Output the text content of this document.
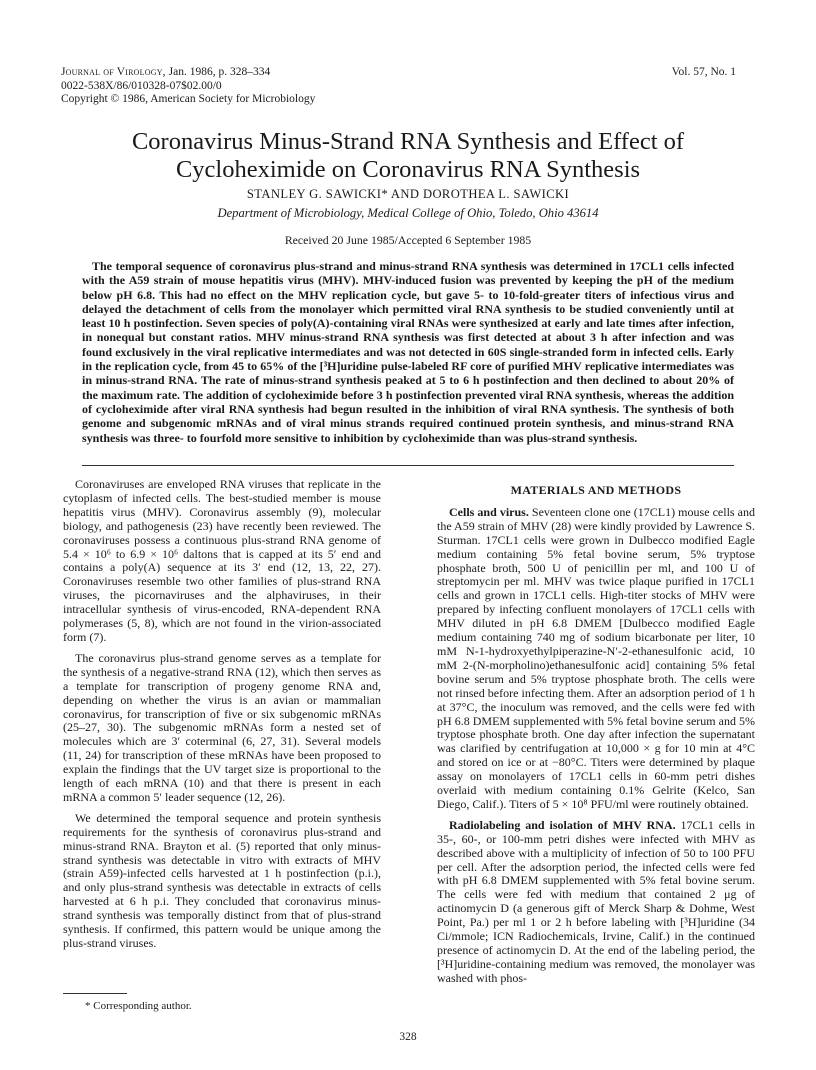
Journal of Virology, Jan. 1986, p. 328–334
0022-538X/86/010328-07$02.00/0
Copyright © 1986, American Society for Microbiology
Vol. 57, No. 1
Coronavirus Minus-Strand RNA Synthesis and Effect of
Cycloheximide on Coronavirus RNA Synthesis
STANLEY G. SAWICKI* AND DOROTHEA L. SAWICKI
Department of Microbiology, Medical College of Ohio, Toledo, Ohio 43614
Received 20 June 1985/Accepted 6 September 1985

The temporal sequence of coronavirus plus-strand and minus-strand RNA synthesis was determined in 17CL1 cells infected with the A59 strain of mouse hepatitis virus (MHV). MHV-induced fusion was prevented by keeping the pH of the medium below pH 6.8. This had no effect on the MHV replication cycle, but gave 5- to 10-fold-greater titers of infectious virus and delayed the detachment of cells from the monolayer which permitted viral RNA synthesis to be studied conveniently until at least 10 h postinfection. Seven species of poly(A)-containing viral RNAs were synthesized at early and late times after infection, in nonequal but constant ratios. MHV minus-strand RNA synthesis was first detected at about 3 h after infection and was found exclusively in the viral replicative intermediates and was not detected in 60S single-stranded form in infected cells. Early in the replication cycle, from 45 to 65% of the [³H]uridine pulse-labeled RF core of purified MHV replicative intermediates was in minus-strand RNA. The rate of minus-strand synthesis peaked at 5 to 6 h postinfection and then declined to about 20% of the maximum rate. The addition of cycloheximide before 3 h postinfection prevented viral RNA synthesis, whereas the addition of cycloheximide after viral RNA synthesis had begun resulted in the inhibition of viral RNA synthesis. The synthesis of both genome and subgenomic mRNAs and of viral minus strands required continued protein synthesis, and minus-strand RNA synthesis was three- to fourfold more sensitive to inhibition by cycloheximide than was plus-strand synthesis.

Coronaviruses are enveloped RNA viruses that replicate in the cytoplasm of infected cells. The best-studied member is mouse hepatitis virus (MHV). Coronavirus assembly (9), molecular biology, and pathogenesis (23) have recently been reviewed. The coronaviruses possess a continuous plus-strand RNA genome of 5.4 × 10⁶ to 6.9 × 10⁶ daltons that is capped at its 5′ end and contains a poly(A) sequence at its 3′ end (12, 13, 22, 27). Coronaviruses resemble two other families of plus-strand RNA viruses, the picornaviruses and the alphaviruses, in their intracellular synthesis of virus-encoded, RNA-dependent RNA polymerases (5, 8), which are not found in the virion-associated form (7).

The coronavirus plus-strand genome serves as a template for the synthesis of a negative-strand RNA (12), which then serves as a template for transcription of progeny genome RNA and, depending on whether the virus is an avian or mammalian coronavirus, for transcription of five or six subgenomic mRNAs (25–27, 30). The subgenomic mRNAs form a nested set of molecules which are 3′ coterminal (6, 27, 31). Several models (11, 24) for transcription of these mRNAs have been proposed to explain the findings that the UV target size is proportional to the length of each mRNA (10) and that there is present in each mRNA a common 5′ leader sequence (12, 26).

We determined the temporal sequence and protein synthesis requirements for the synthesis of coronavirus plus-strand and minus-strand RNA. Brayton et al. (5) reported that only minus-strand synthesis was detectable in vitro with extracts of MHV (strain A59)-infected cells harvested at 1 h postinfection (p.i.), and only plus-strand synthesis was detectable in extracts of cells harvested at 6 h p.i. They concluded that coronavirus minus-strand synthesis was temporally distinct from that of plus-strand synthesis. If confirmed, this pattern would be unique among the plus-strand viruses.

MATERIALS AND METHODS

Cells and virus. Seventeen clone one (17CL1) mouse cells and the A59 strain of MHV (28) were kindly provided by Lawrence S. Sturman. 17CL1 cells were grown in Dulbecco modified Eagle medium containing 5% fetal bovine serum, 5% tryptose phosphate broth, 500 U of penicillin per ml, and 100 U of streptomycin per ml. MHV was twice plaque purified in 17CL1 cells and grown in 17CL1 cells. High-titer stocks of MHV were prepared by infecting confluent monolayers of 17CL1 cells with MHV diluted in pH 6.8 DMEM [Dulbecco modified Eagle medium containing 740 mg of sodium bicarbonate per liter, 10 mM N-1-hydroxyethylpiperazine-N′-2-ethanesulfonic acid, 10 mM 2-(N-morpholino)ethanesulfonic acid] containing 5% fetal bovine serum and 5% tryptose phosphate broth. The cells were not rinsed before infecting them. After an adsorption period of 1 h at 37°C, the inoculum was removed, and the cells were fed with pH 6.8 DMEM supplemented with 5% fetal bovine serum and 5% tryptose phosphate broth. One day after infection the supernatant was clarified by centrifugation at 10,000 × g for 10 min at 4°C and stored on ice or at −80°C. Titers were determined by plaque assay on monolayers of 17CL1 cells in 60-mm petri dishes overlaid with medium containing 0.1% Gelrite (Kelco, San Diego, Calif.). Titers of 5 × 10⁸ PFU/ml were routinely obtained.

Radiolabeling and isolation of MHV RNA. 17CL1 cells in 35-, 60-, or 100-mm petri dishes were infected with MHV as described above with a multiplicity of infection of 50 to 100 PFU per cell. After the adsorption period, the infected cells were fed with pH 6.8 DMEM supplemented with 5% fetal bovine serum. The cells were fed with medium that contained 2 μg of actinomycin D (a generous gift of Merck Sharp & Dohme, West Point, Pa.) per ml 1 or 2 h before labeling with [³H]uridine (34 Ci/mmole; ICN Radiochemicals, Irvine, Calif.) in the continued presence of actinomycin D. At the end of the labeling period, the [³H]uridine-containing medium was removed, the monolayer was washed with phos-

* Corresponding author.
328
